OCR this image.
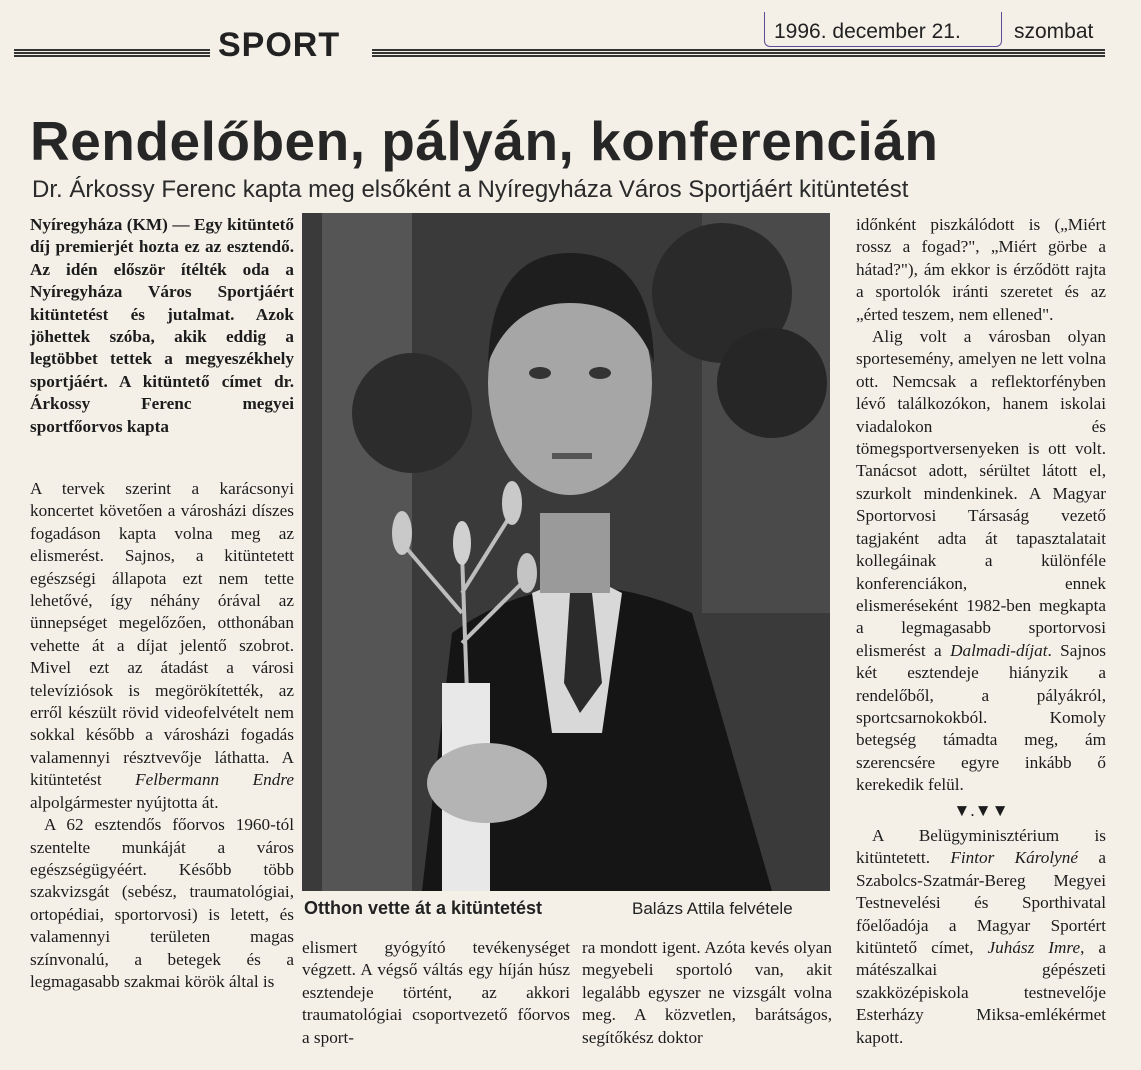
SPORT	1996. december 21.	szombat
Rendelőben, pályán, konferencián
Dr. Árkossy Ferenc kapta meg elsőként a Nyíregyháza Város Sportjáért kitüntetést

Nyíregyháza (KM) — Egy kitüntető díj premierjét hozta ez az esztendő. Az idén először ítélték oda a Nyíregyháza Város Sportjáért kitüntetést és jutalmat. Azok jöhettek szóba, akik eddig a legtöbbet tettek a megyeszékhely sportjáért. A kitüntető címet dr. Árkossy Ferenc megyei sportfőorvos kapta

A tervek szerint a karácsonyi koncertet követően a városházi díszes fogadáson kapta volna meg az elismerést. Sajnos, a kitüntetett egészségi állapota ezt nem tette lehetővé, így néhány órával az ünnepséget megelőzően, otthonában vehette át a díjat jelentő szobrot. Mivel ezt az átadást a városi televíziósok is megörökítették, az erről készült rövid videofelvételt nem sokkal később a városházi fogadás valamennyi résztvevője láthatta. A kitüntetést Felbermann Endre alpolgármester nyújtotta át.

A 62 esztendős főorvos 1960-tól szentelte munkáját a város egészségügyéért. Később több szakvizsgát (sebész, traumatológiai, ortopédiai, sportorvosi) is letett, és valamennyi területen magas színvonalú, a betegek és a legmagasabb szakmai körök által is

Otthon vette át a kitüntetést	Balázs Attila felvétele

elismert gyógyító tevékenységet végzett. A végső váltás egy híján húsz esztendeje történt, az akkori traumatológiai csoportvezető főorvos a sport-

ra mondott igent. Azóta kevés olyan megyebeli sportoló van, akit legalább egyszer ne vizsgált volna meg. A közvetlen, barátságos, segítőkész doktor

időnként piszkálódott is („Miért rossz a fogad?", „Miért görbe a hátad?"), ám ekkor is érződött rajta a sportolók iránti szeretet és az „érted teszem, nem ellened".

Alig volt a városban olyan sportesemény, amelyen ne lett volna ott. Nemcsak a reflektorfényben lévő találkozókon, hanem iskolai viadalokon és tömegsportversenyeken is ott volt. Tanácsot adott, sérültet látott el, szurkolt mindenkinek. A Magyar Sportorvosi Társaság vezető tagjaként adta át tapasztalatait kollegáinak a különféle konferenciákon, ennek elismeréseként 1982-ben megkapta a legmagasabb sportorvosi elismerést a Dalmadi-díjat. Sajnos két esztendeje hiányzik a rendelőből, a pályákról, sportcsarnokokból. Komoly betegség támadta meg, ám szerencsére egyre inkább ő kerekedik felül.

▼.▼▼

A Belügyminisztérium is kitüntetett. Fintor Károlyné a Szabolcs-Szatmár-Bereg Megyei Testnevelési és Sporthivatal főelőadója a Magyar Sportért kitüntető címet, Juhász Imre, a mátészalkai gépészeti szakközépiskola testnevelője Esterházy Miksa-emlékérmet kapott.
